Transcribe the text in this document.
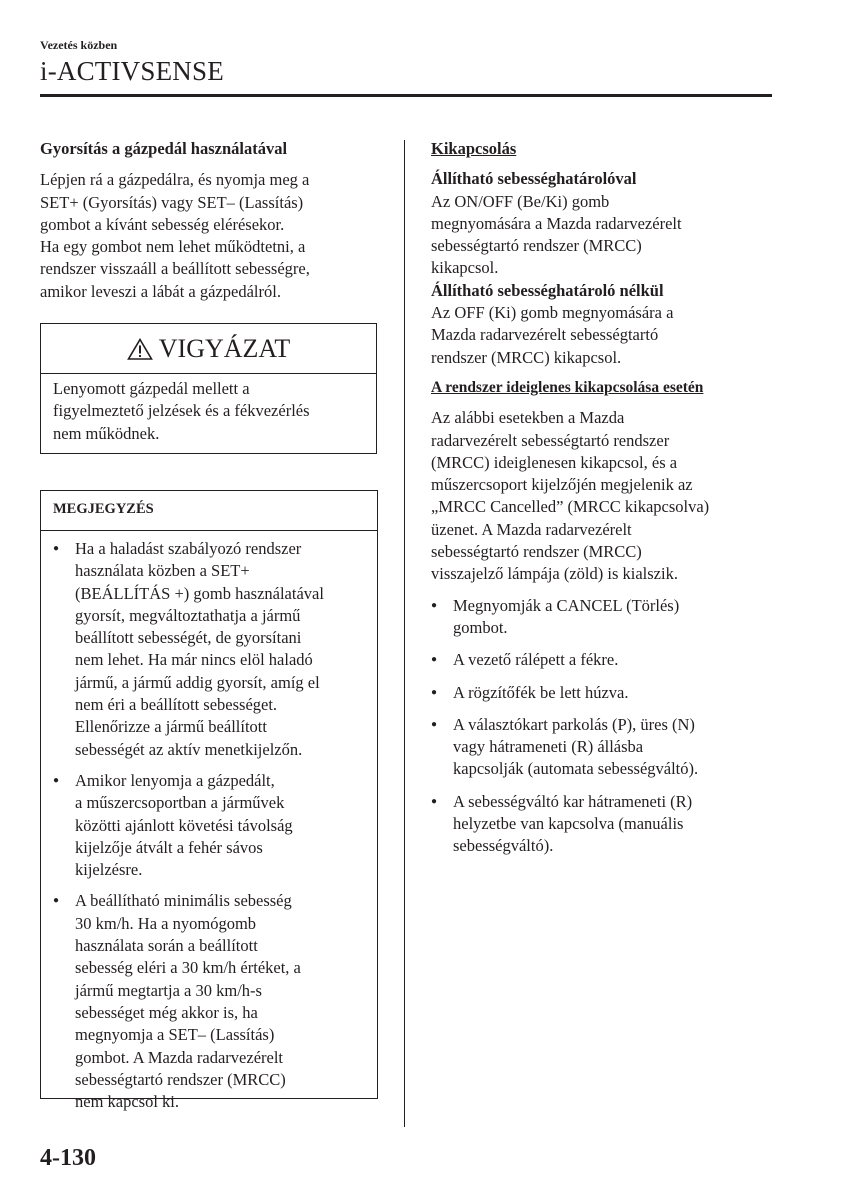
Vezetés közben
i-ACTIVSENSE
Gyorsítás a gázpedál használatával
Lépjen rá a gázpedálra, és nyomja meg a
SET+ (Gyorsítás) vagy SET– (Lassítás)
gombot a kívánt sebesség elérésekor.
Ha egy gombot nem lehet működtetni, a
rendszer visszaáll a beállított sebességre,
amikor leveszi a lábát a gázpedálról.
VIGYÁZAT
Lenyomott gázpedál mellett a
figyelmeztető jelzések és a fékvezérlés
nem működnek.
MEGJEGYZÉS
● Ha a haladást szabályozó rendszer
használata közben a SET+
(BEÁLLÍTÁS +) gomb használatával
gyorsít, megváltoztathatja a jármű
beállított sebességét, de gyorsítani
nem lehet. Ha már nincs elöl haladó
jármű, a jármű addig gyorsít, amíg el
nem éri a beállított sebességet.
Ellenőrizze a jármű beállított
sebességét az aktív menetkijelzőn.
● Amikor lenyomja a gázpedált,
a műszercsoportban a járművek
közötti ajánlott követési távolság
kijelzője átvált a fehér sávos
kijelzésre.
● A beállítható minimális sebesség
30 km/h. Ha a nyomógomb
használata során a beállított
sebesség eléri a 30 km/h értéket, a
jármű megtartja a 30 km/h-s
sebességet még akkor is, ha
megnyomja a SET– (Lassítás)
gombot. A Mazda radarvezérelt
sebességtartó rendszer (MRCC)
nem kapcsol ki.
Kikapcsolás
Állítható sebességhatárolóval
Az ON/OFF (Be/Ki) gomb
megnyomására a Mazda radarvezérelt
sebességtartó rendszer (MRCC)
kikapcsol.
Állítható sebességhatároló nélkül
Az OFF (Ki) gomb megnyomására a
Mazda radarvezérelt sebességtartó
rendszer (MRCC) kikapcsol.
A rendszer ideiglenes kikapcsolása esetén
Az alábbi esetekben a Mazda
radarvezérelt sebességtartó rendszer
(MRCC) ideiglenesen kikapcsol, és a
műszercsoport kijelzőjén megjelenik az
„MRCC Cancelled” (MRCC kikapcsolva)
üzenet. A Mazda radarvezérelt
sebességtartó rendszer (MRCC)
visszajelző lámpája (zöld) is kialszik.
● Megnyomják a CANCEL (Törlés)
gombot.
● A vezető rálépett a fékre.
● A rögzítőfék be lett húzva.
● A választókart parkolás (P), üres (N)
vagy hátrameneti (R) állásba
kapcsolják (automata sebességváltó).
● A sebességváltó kar hátrameneti (R)
helyzetbe van kapcsolva (manuális
sebességváltó).
4-130
